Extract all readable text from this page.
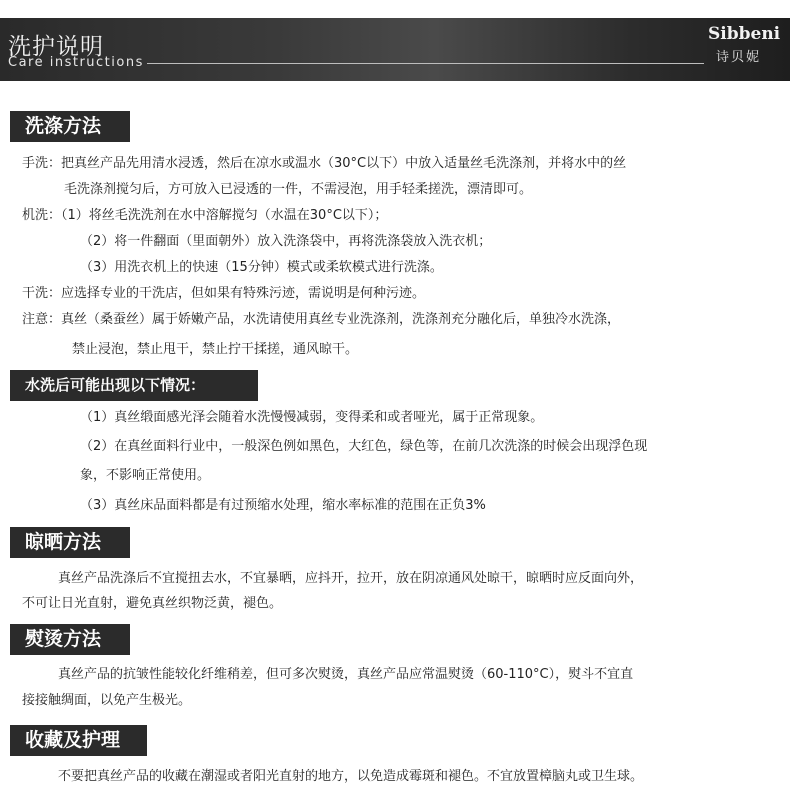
洗护说明
Care instructions
Sibbeni
诗贝妮
洗涤方法
手洗：把真丝产品先用清水浸透，然后在凉水或温水（30°C以下）中放入适量丝毛洗涤剂，并将水中的丝
毛洗涤剂搅匀后，方可放入已浸透的一件，不需浸泡，用手轻柔搓洗，漂清即可。
机洗：（1）将丝毛洗洗剂在水中溶解搅匀（水温在30°C以下）；
（2）将一件翻面（里面朝外）放入洗涤袋中，再将洗涤袋放入洗衣机；
（3）用洗衣机上的快速（15分钟）模式或柔软模式进行洗涤。
干洗：应选择专业的干洗店，但如果有特殊污迹，需说明是何种污迹。
注意：真丝（桑蚕丝）属于娇嫩产品，水洗请使用真丝专业洗涤剂，洗涤剂充分融化后，单独冷水洗涤，
禁止浸泡，禁止甩干，禁止拧干揉搓，通风晾干。
水洗后可能出现以下情况：
（1）真丝缎面感光泽会随着水洗慢慢减弱，变得柔和或者哑光，属于正常现象。
（2）在真丝面料行业中，一般深色例如黑色，大红色，绿色等，在前几次洗涤的时候会出现浮色现
象，不影响正常使用。
（3）真丝床品面料都是有过预缩水处理，缩水率标准的范围在正负3%
晾晒方法
真丝产品洗涤后不宜搅扭去水，不宜暴晒，应抖开，拉开，放在阴凉通风处晾干，晾晒时应反面向外，
不可让日光直射，避免真丝织物泛黄，褪色。
熨烫方法
真丝产品的抗皱性能较化纤维稍差，但可多次熨烫，真丝产品应常温熨烫（60-110°C），熨斗不宜直
接接触绸面，以免产生极光。
收藏及护理
不要把真丝产品的收藏在潮湿或者阳光直射的地方，以免造成霉斑和褪色。不宜放置樟脑丸或卫生球。
